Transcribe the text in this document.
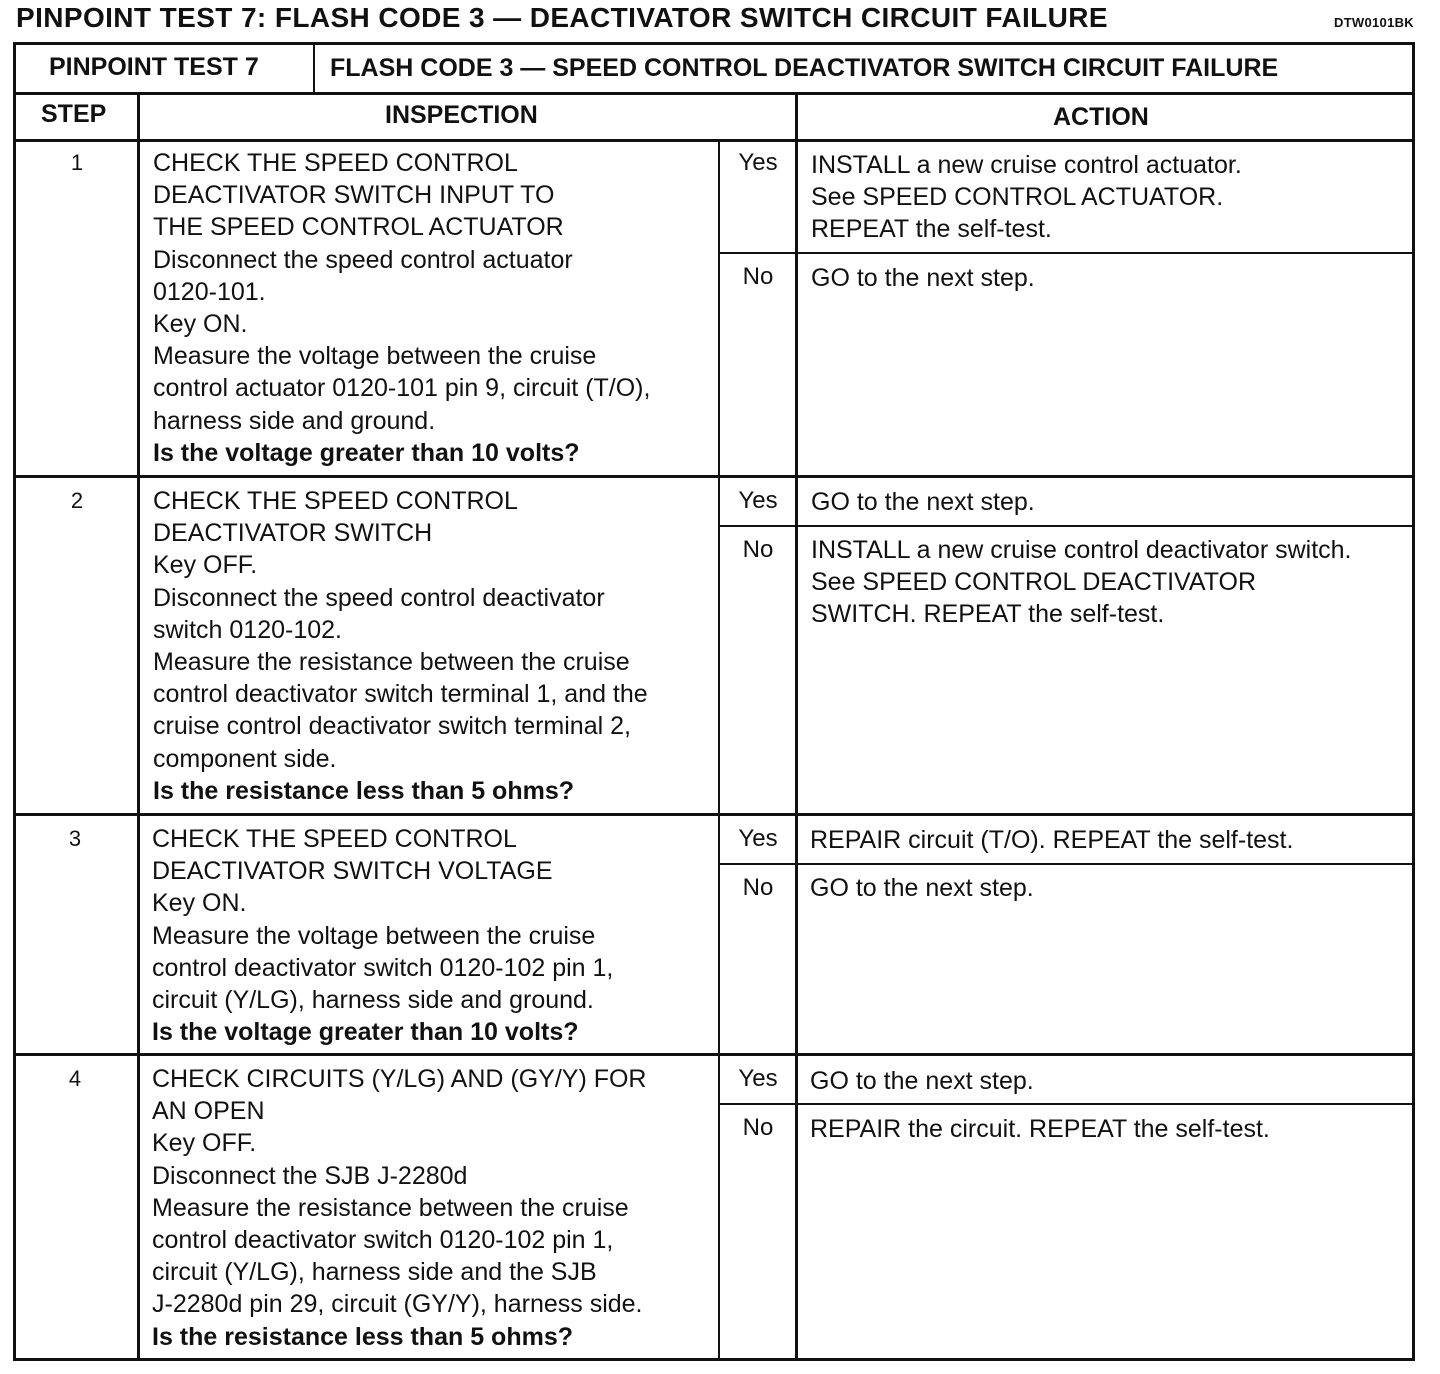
PINPOINT TEST 7: FLASH CODE 3 — DEACTIVATOR SWITCH CIRCUIT FAILURE	DTW0101BK
PINPOINT TEST 7	FLASH CODE 3 — SPEED CONTROL DEACTIVATOR SWITCH CIRCUIT FAILURE
STEP	INSPECTION	ACTION
1	CHECK THE SPEED CONTROL
DEACTIVATOR SWITCH INPUT TO
THE SPEED CONTROL ACTUATOR
Disconnect the speed control actuator
0120-101.
Key ON.
Measure the voltage between the cruise
control actuator 0120-101 pin 9, circuit (T/O),
harness side and ground.
Is the voltage greater than 10 volts?
Yes	INSTALL a new cruise control actuator.
See SPEED CONTROL ACTUATOR.
REPEAT the self-test.
No	GO to the next step.
2	CHECK THE SPEED CONTROL
DEACTIVATOR SWITCH
Key OFF.
Disconnect the speed control deactivator
switch 0120-102.
Measure the resistance between the cruise
control deactivator switch terminal 1, and the
cruise control deactivator switch terminal 2,
component side.
Is the resistance less than 5 ohms?
Yes	GO to the next step.
No	INSTALL a new cruise control deactivator switch.
See SPEED CONTROL DEACTIVATOR
SWITCH. REPEAT the self-test.
3	CHECK THE SPEED CONTROL
DEACTIVATOR SWITCH VOLTAGE
Key ON.
Measure the voltage between the cruise
control deactivator switch 0120-102 pin 1,
circuit (Y/LG), harness side and ground.
Is the voltage greater than 10 volts?
Yes	REPAIR circuit (T/O). REPEAT the self-test.
No	GO to the next step.
4	CHECK CIRCUITS (Y/LG) AND (GY/Y) FOR
AN OPEN
Key OFF.
Disconnect the SJB J-2280d
Measure the resistance between the cruise
control deactivator switch 0120-102 pin 1,
circuit (Y/LG), harness side and the SJB
J-2280d pin 29, circuit (GY/Y), harness side.
Is the resistance less than 5 ohms?
Yes	GO to the next step.
No	REPAIR the circuit. REPEAT the self-test.
